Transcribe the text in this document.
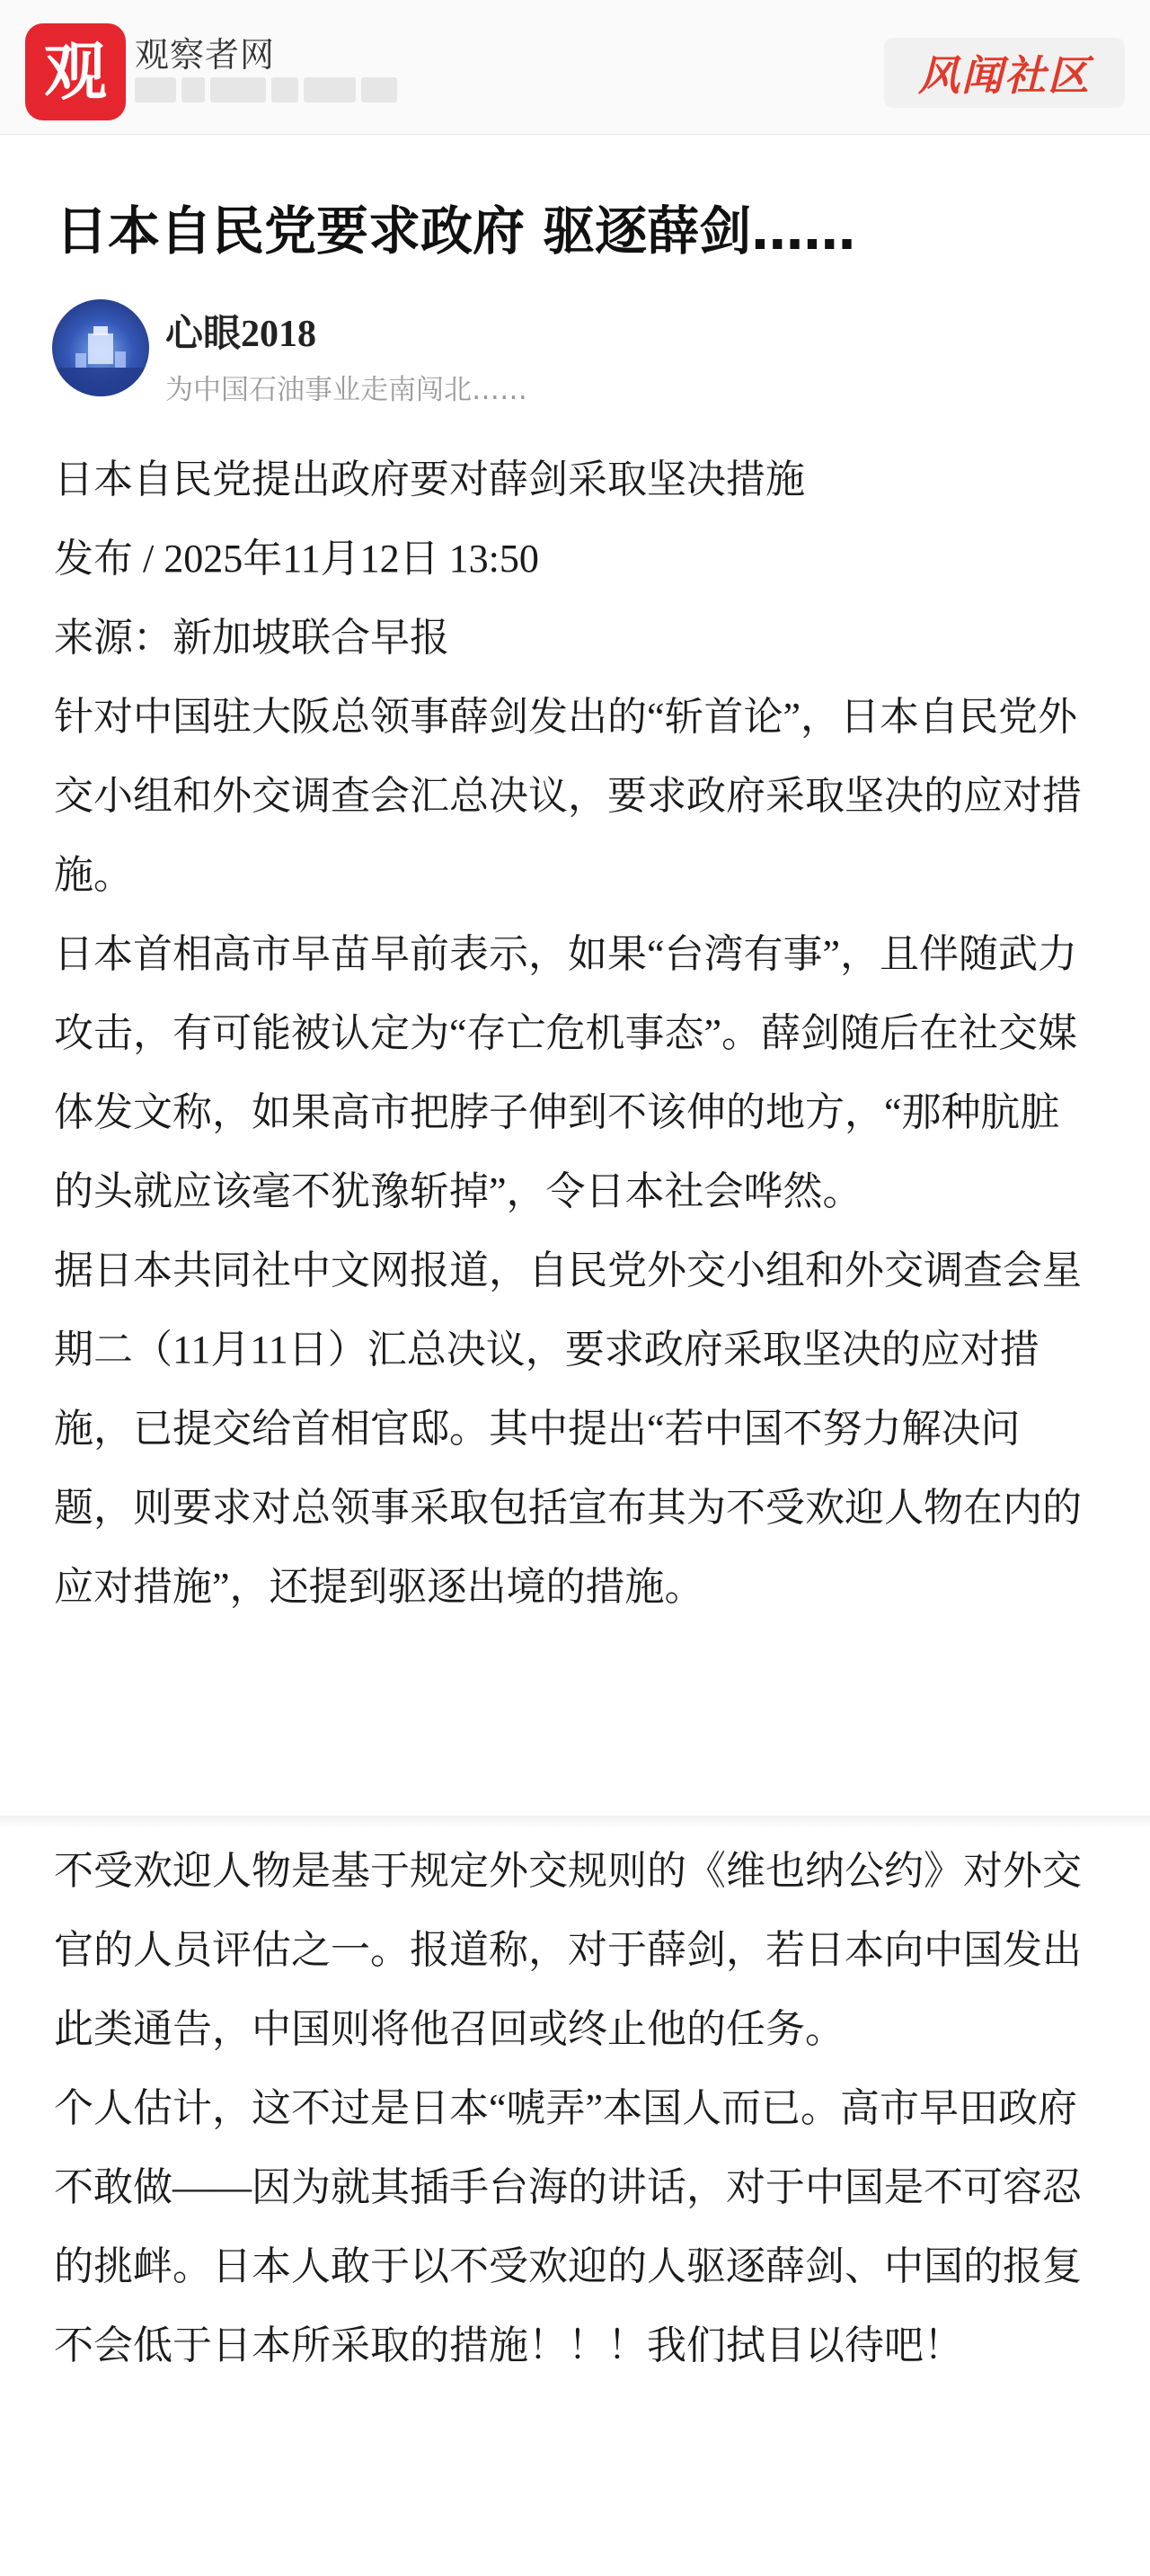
观 观察者网	风闻社区
日本自民党要求政府 驱逐薛剑……
心眼2018
为中国石油事业走南闯北……

日本自民党提出政府要对薛剑采取坚决措施

发布 / 2025年11月12日 13:50

来源：新加坡联合早报

针对中国驻大阪总领事薛剑发出的“斩首论”，日本自民党外交小组和外交调查会汇总决议，要求政府采取坚决的应对措施。

日本首相高市早苗早前表示，如果“台湾有事”，且伴随武力攻击，有可能被认定为“存亡危机事态”。薛剑随后在社交媒体发文称，如果高市把脖子伸到不该伸的地方，“那种肮脏的头就应该毫不犹豫斩掉”，令日本社会哗然。

据日本共同社中文网报道，自民党外交小组和外交调查会星期二（11月11日）汇总决议，要求政府采取坚决的应对措施，已提交给首相官邸。其中提出“若中国不努力解决问题，则要求对总领事采取包括宣布其为不受欢迎人物在内的应对措施”，还提到驱逐出境的措施。

不受欢迎人物是基于规定外交规则的《维也纳公约》对外交官的人员评估之一。报道称，对于薛剑，若日本向中国发出此类通告，中国则将他召回或终止他的任务。

个人估计，这不过是日本“唬弄”本国人而已。高市早田政府不敢做——因为就其插手台海的讲话，对于中国是不可容忍的挑衅。日本人敢于以不受欢迎的人驱逐薛剑、中国的报复不会低于日本所采取的措施！！！我们拭目以待吧！
